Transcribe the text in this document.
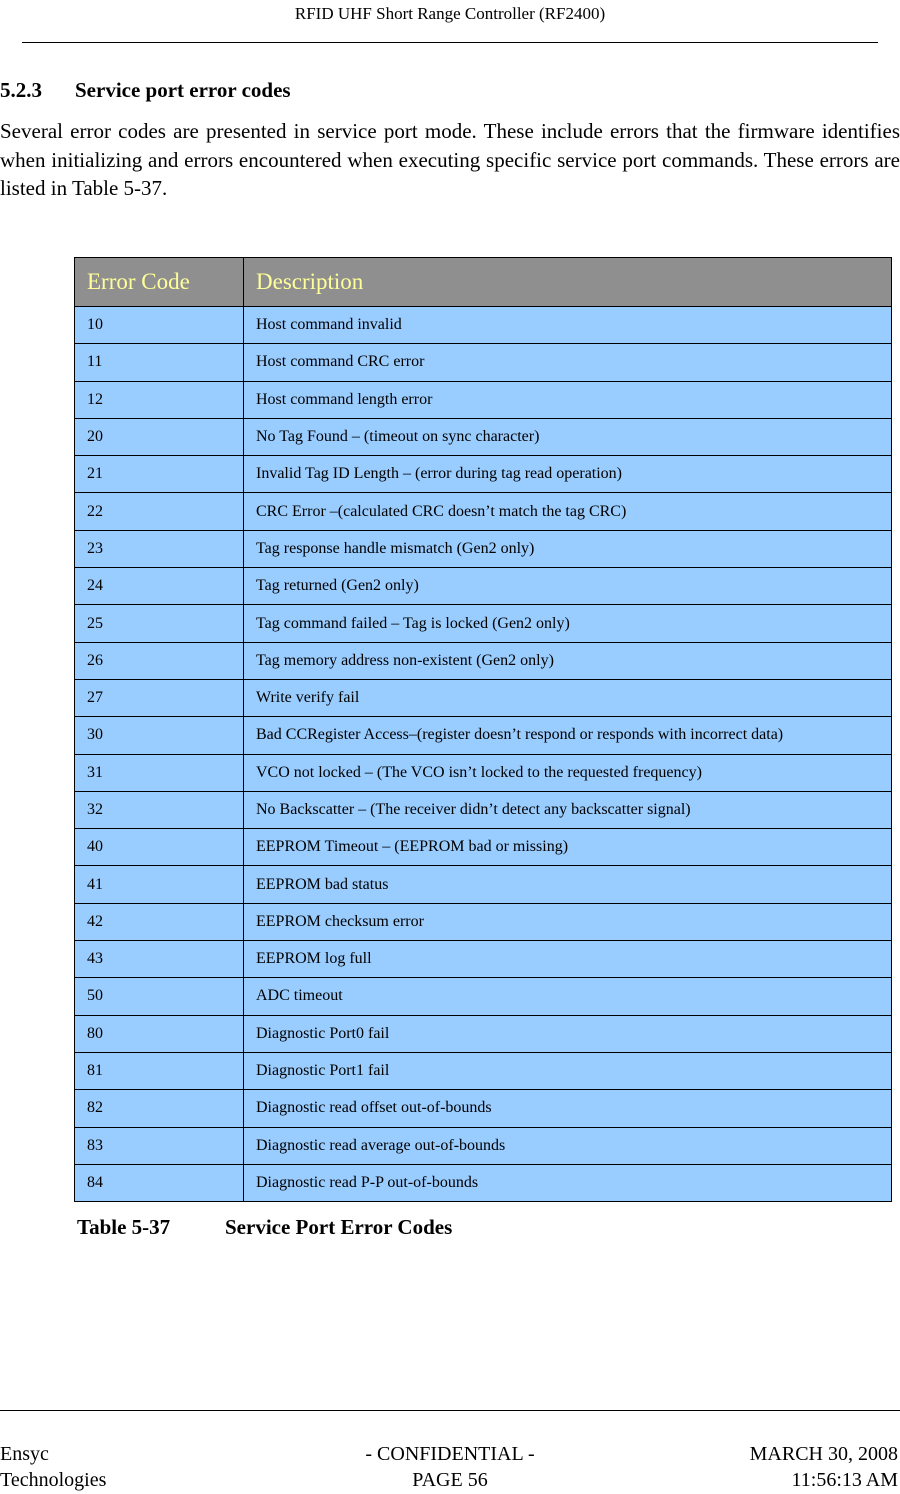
RFID UHF Short Range Controller (RF2400)
5.2.3 Service port error codes
Several error codes are presented in service port mode. These include errors that the firmware identifies when initializing and errors encountered when executing specific service port commands. These errors are listed in Table 5-37.
Error Code	Description
10	Host command invalid
11	Host command CRC error
12	Host command length error
20	No Tag Found – (timeout on sync character)
21	Invalid Tag ID Length – (error during tag read operation)
22	CRC Error –(calculated CRC doesn’t match the tag CRC)
23	Tag response handle mismatch (Gen2 only)
24	Tag returned (Gen2 only)
25	Tag command failed – Tag is locked (Gen2 only)
26	Tag memory address non-existent (Gen2 only)
27	Write verify fail
30	Bad CCRegister Access–(register doesn’t respond or responds with incorrect data)
31	VCO not locked – (The VCO isn’t locked to the requested frequency)
32	No Backscatter – (The receiver didn’t detect any backscatter signal)
40	EEPROM Timeout – (EEPROM bad or missing)
41	EEPROM bad status
42	EEPROM checksum error
43	EEPROM log full
50	ADC timeout
80	Diagnostic Port0 fail
81	Diagnostic Port1 fail
82	Diagnostic read offset out-of-bounds
83	Diagnostic read average out-of-bounds
84	Diagnostic read P-P out-of-bounds
Table 5-37	Service Port Error Codes
Ensyc
Technologies
- CONFIDENTIAL -
PAGE 56
MARCH 30, 2008
11:56:13 AM
